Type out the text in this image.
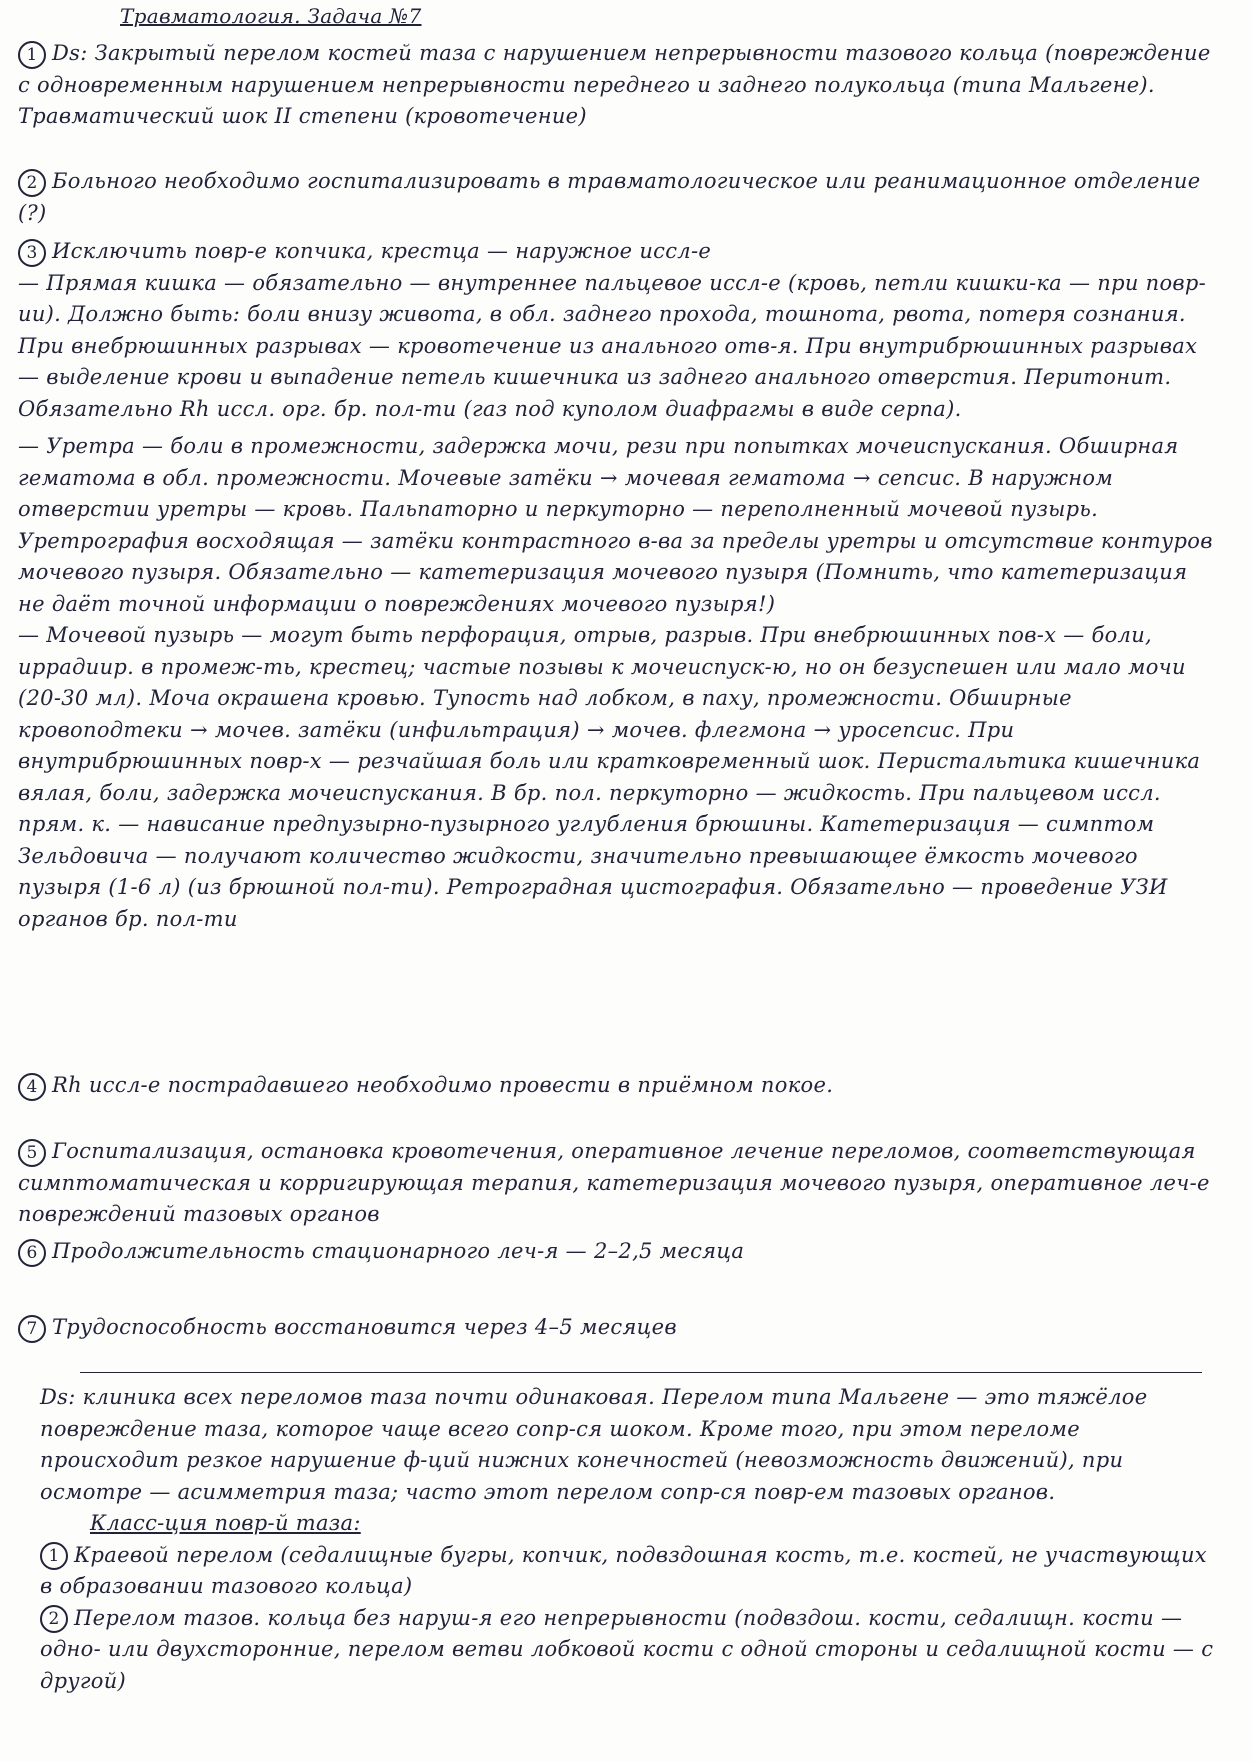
Травматология. Задача №7

1 Ds: Закрытый перелом костей таза с нарушением непрерывности тазового кольца (повреждение с одновременным нарушением непрерывности переднего и заднего полукольца (типа Мальгене). Травматический шок II степени (кровотечение)

2 Больного необходимо госпитализировать в травматологическое или реанимационное отделение (?)

3 Исключить повр-е копчика, крестца — наружное иссл-е

— Прямая кишка — обязательно — внутреннее пальцевое иссл-е (кровь, петли кишки-ка — при повр-ии). Должно быть: боли внизу живота, в обл. заднего прохода, тошнота, рвота, потеря сознания. При внебрюшинных разрывах — кровотечение из анального отв-я. При внутрибрюшинных разрывах — выделение крови и выпадение петель кишечника из заднего анального отверстия. Перитонит. Обязательно Rh иссл. орг. бр. пол-ти (газ под куполом диафрагмы в виде серпа).

— Уретра — боли в промежности, задержка мочи, рези при попытках мочеиспускания. Обширная гематома в обл. промежности. Мочевые затёки → мочевая гематома → сепсис. В наружном отверстии уретры — кровь. Пальпаторно и перкуторно — переполненный мочевой пузырь. Уретрография восходящая — затёки контрастного в-ва за пределы уретры и отсутствие контуров мочевого пузыря. Обязательно — катетеризация мочевого пузыря (Помнить, что катетеризация не даёт точной информации о повреждениях мочевого пузыря!)

— Мочевой пузырь — могут быть перфорация, отрыв, разрыв. При внебрюшинных пов-х — боли, иррадиир. в промеж-ть, крестец; частые позывы к мочеиспуск-ю, но он безуспешен или мало мочи (20-30 мл). Моча окрашена кровью. Тупость над лобком, в паху, промежности. Обширные кровоподтеки → мочев. затёки (инфильтрация) → мочев. флегмона → уросепсис. При внутрибрюшинных повр-х — резчайшая боль или кратковременный шок. Перистальтика кишечника вялая, боли, задержка мочеиспускания. В бр. пол. перкуторно — жидкость. При пальцевом иссл. прям. к. — нависание предпузырно-пузырного углубления брюшины. Катетеризация — симптом Зельдовича — получают количество жидкости, значительно превышающее ёмкость мочевого пузыря (1-6 л) (из брюшной пол-ти). Ретроградная цистография. Обязательно — проведение УЗИ органов бр. пол-ти

4 Rh иссл-е пострадавшего необходимо провести в приёмном покое.

5 Госпитализация, остановка кровотечения, оперативное лечение переломов, соответствующая симптоматическая и корригирующая терапия, катетеризация мочевого пузыря, оперативное леч-е повреждений тазовых органов

6 Продолжительность стационарного леч-я — 2–2,5 месяца

7 Трудоспособность восстановится через 4–5 месяцев

Ds: клиника всех переломов таза почти одинаковая. Перелом типа Мальгене — это тяжёлое повреждение таза, которое чаще всего сопр-ся шоком. Кроме того, при этом переломе происходит резкое нарушение ф-ций нижних конечностей (невозможность движений), при осмотре — асимметрия таза; часто этот перелом сопр-ся повр-ем тазовых органов.

Класс-ция повр-й таза:

1 Краевой перелом (седалищные бугры, копчик, подвздошная кость, т.е. костей, не участвующих в образовании тазового кольца)

2 Перелом тазов. кольца без наруш-я его непрерывности (подвздош. кости, седалищн. кости — одно- или двухсторонние, перелом ветви лобковой кости с одной стороны и седалищной кости — с другой)
